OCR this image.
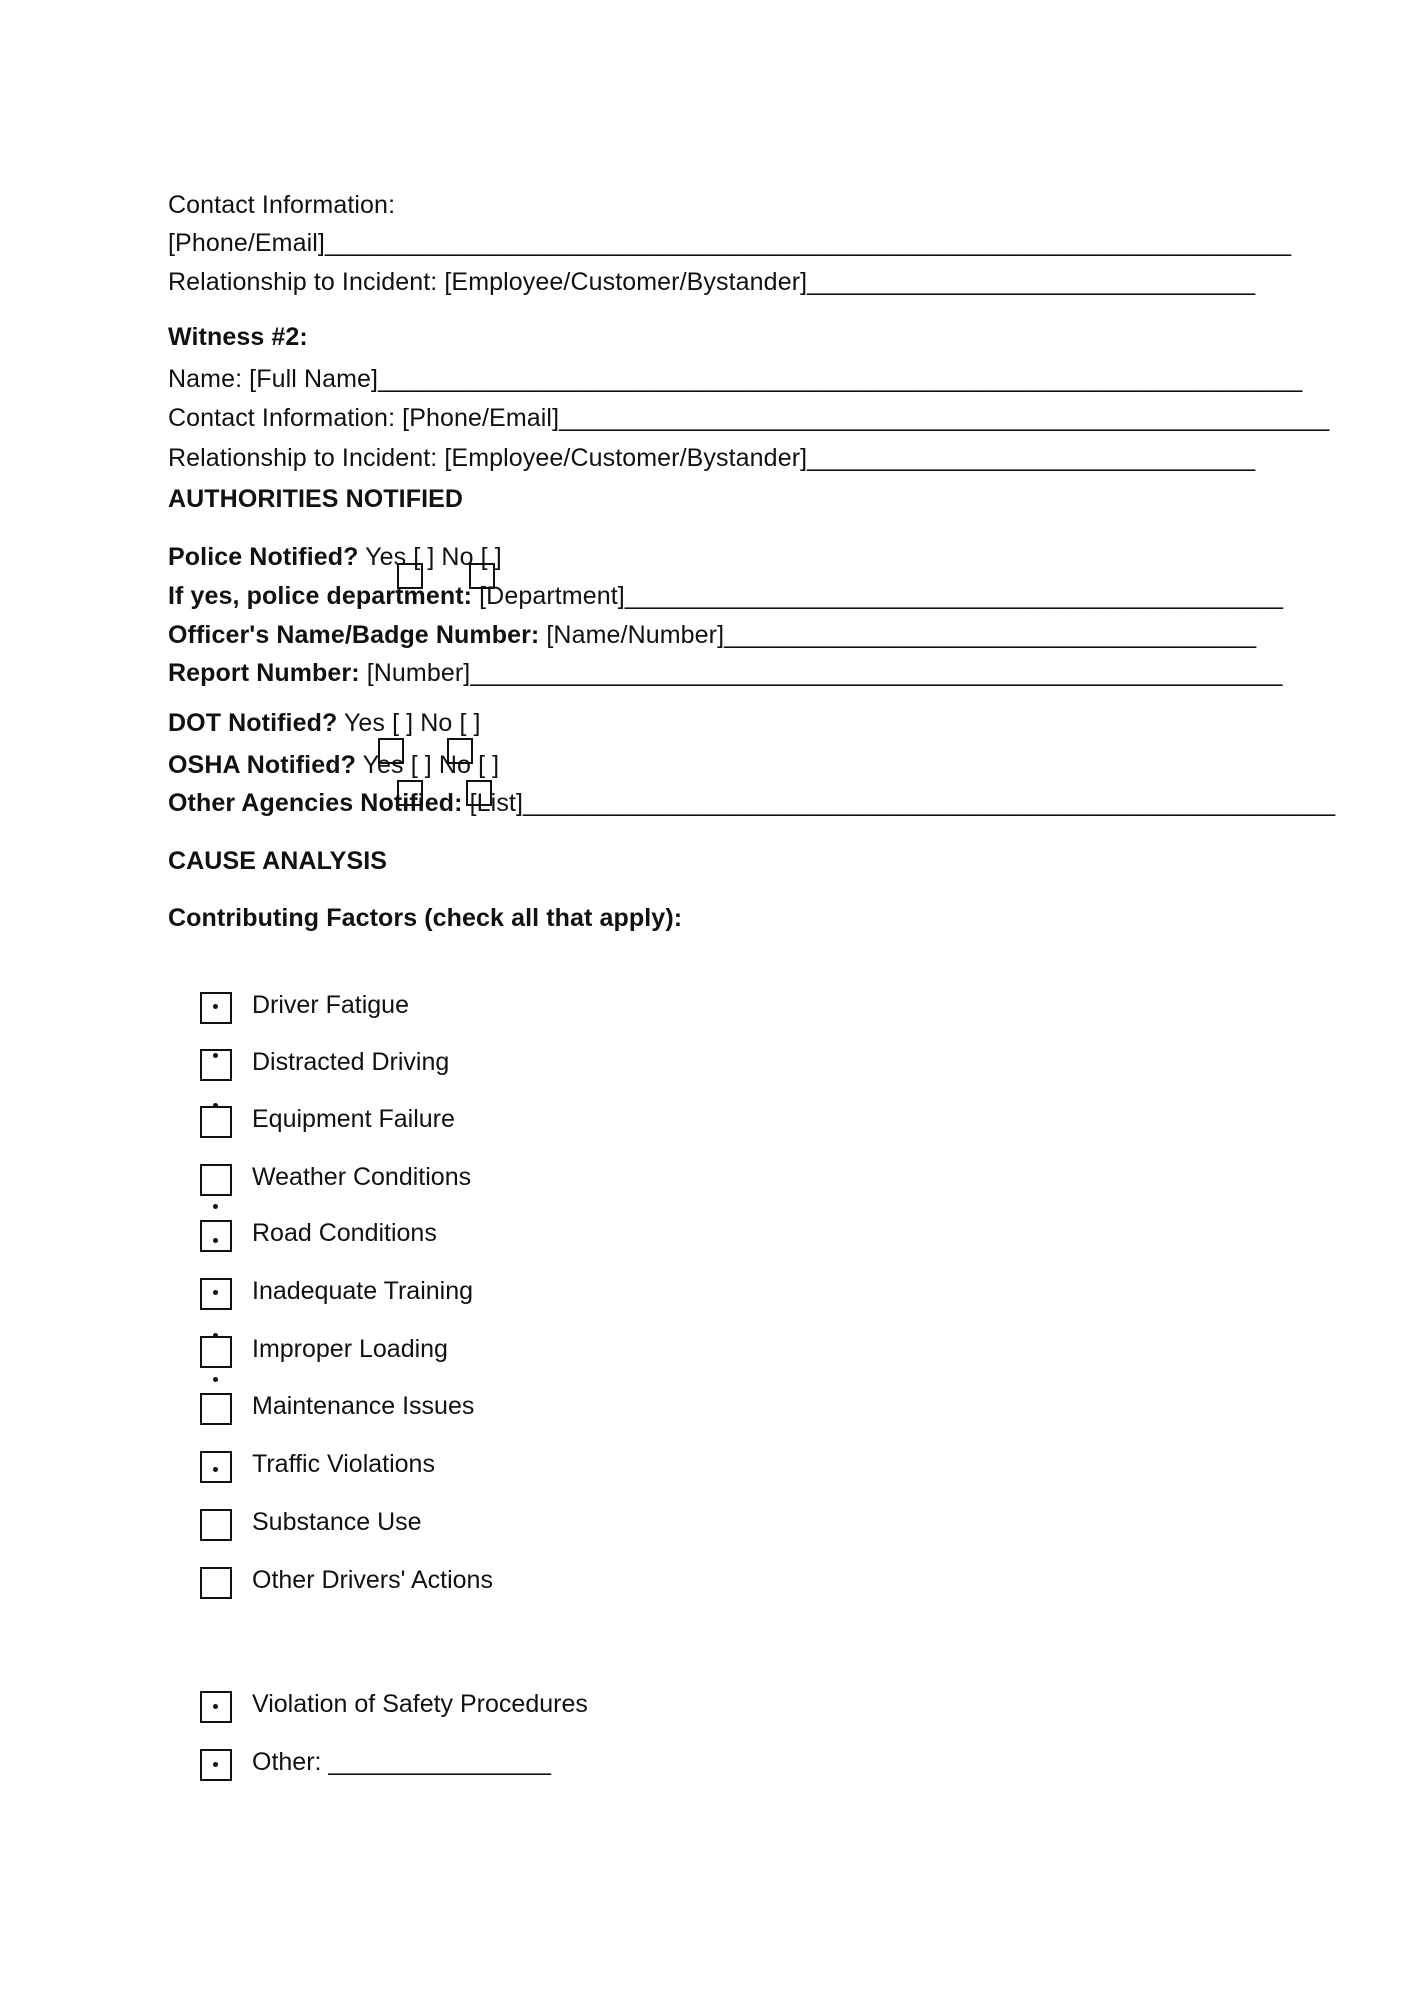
Contact Information:
[Phone/Email]_____________________________________________________________________
Relationship to Incident: [Employee/Customer/Bystander]________________________________
Witness #2:
Name: [Full Name]__________________________________________________________________
Contact Information: [Phone/Email]_______________________________________________________
Relationship to Incident: [Employee/Customer/Bystander]________________________________
AUTHORITIES NOTIFIED
Police Notified? Yes [ ] No [ ]
If yes, police department: [Department]_______________________________________________
Officer's Name/Badge Number: [Name/Number]______________________________________
Report Number: [Number]__________________________________________________________
DOT Notified? Yes [ ] No [ ]
OSHA Notified? Yes [ ] No [ ]
Other Agencies Notified: [List]__________________________________________________________
CAUSE ANALYSIS
Contributing Factors (check all that apply):
Driver Fatigue
Distracted Driving
Equipment Failure
Weather Conditions
Road Conditions
Inadequate Training
Improper Loading
Maintenance Issues
Traffic Violations
Substance Use
Other Drivers' Actions
Violation of Safety Procedures
Other: ________________
